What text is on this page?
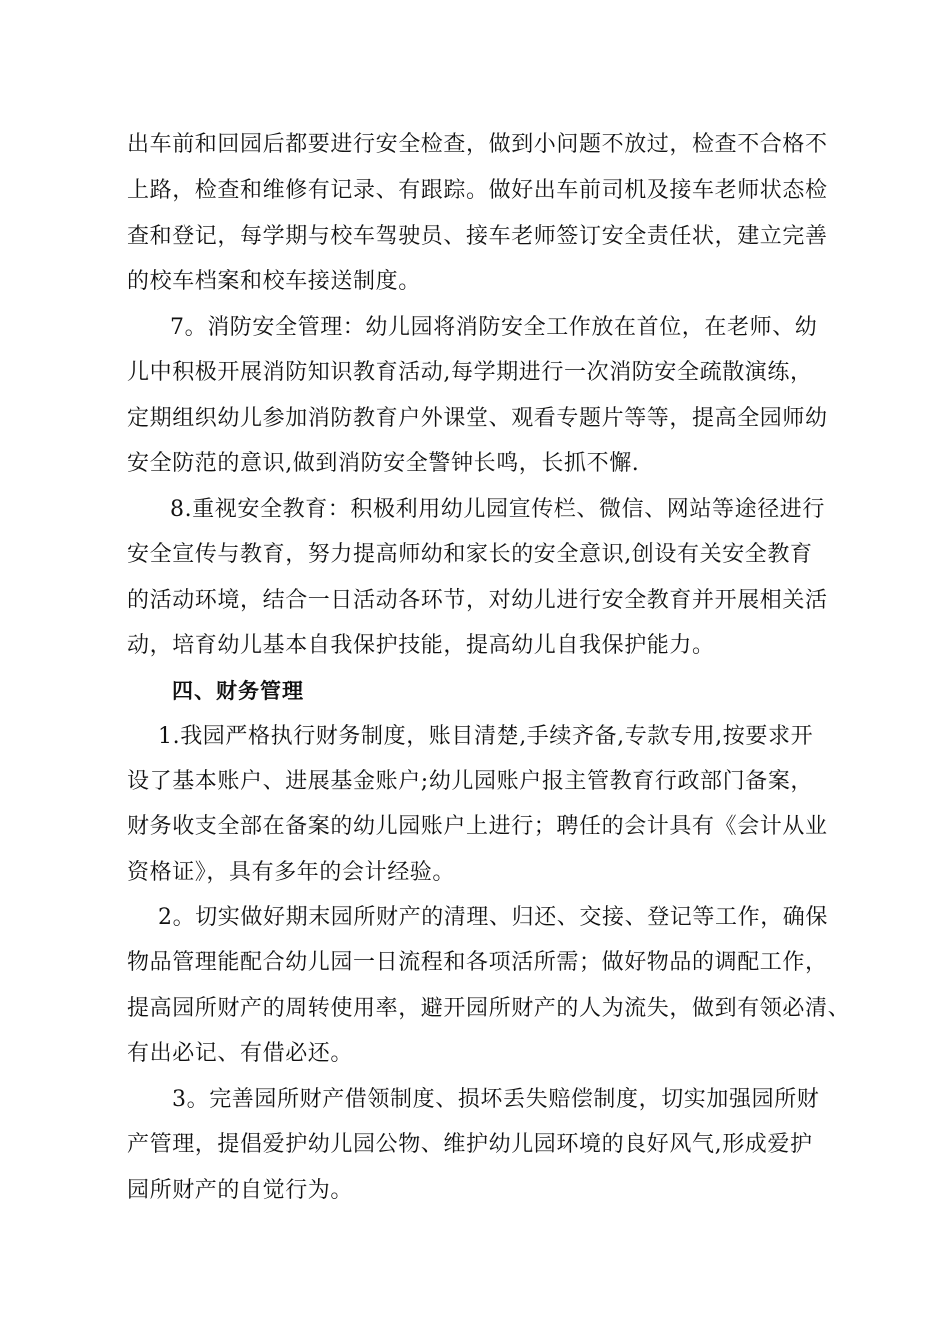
出车前和回园后都要进行安全检查，做到小问题不放过，检查不合格不
上路，检查和维修有记录、有跟踪。做好出车前司机及接车老师状态检
查和登记，每学期与校车驾驶员、接车老师签订安全责任状，建立完善
的校车档案和校车接送制度。
7。消防安全管理：幼儿园将消防安全工作放在首位，在老师、幼
儿中积极开展消防知识教育活动,每学期进行一次消防安全疏散演练，
定期组织幼儿参加消防教育户外课堂、观看专题片等等，提高全园师幼
安全防范的意识,做到消防安全警钟长鸣，长抓不懈.
8.重视安全教育：积极利用幼儿园宣传栏、微信、网站等途径进行
安全宣传与教育，努力提高师幼和家长的安全意识,创设有关安全教育
的活动环境，结合一日活动各环节，对幼儿进行安全教育并开展相关活
动，培育幼儿基本自我保护技能，提高幼儿自我保护能力。
四、财务管理
1.我园严格执行财务制度，账目清楚,手续齐备,专款专用,按要求开
设了基本账户、进展基金账户;幼儿园账户报主管教育行政部门备案，
财务收支全部在备案的幼儿园账户上进行；聘任的会计具有《会计从业
资格证》，具有多年的会计经验。
2。切实做好期末园所财产的清理、归还、交接、登记等工作，确保
物品管理能配合幼儿园一日流程和各项活所需；做好物品的调配工作，
提高园所财产的周转使用率，避开园所财产的人为流失，做到有领必清、
有出必记、有借必还。
3。完善园所财产借领制度、损坏丢失赔偿制度，切实加强园所财
产管理，提倡爱护幼儿园公物、维护幼儿园环境的良好风气,形成爱护
园所财产的自觉行为。
